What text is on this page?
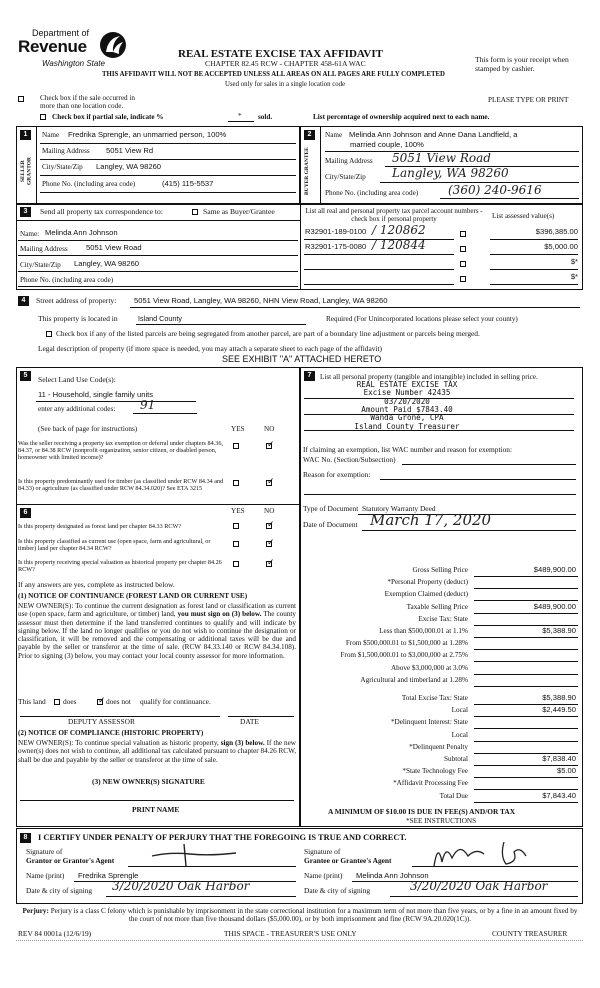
Department of
Revenue
Washington State
REAL ESTATE EXCISE TAX AFFIDAVIT
CHAPTER 82.45 RCW - CHAPTER 458-61A WAC
THIS AFFIDAVIT WILL NOT BE ACCEPTED UNLESS ALL AREAS ON ALL PAGES ARE FULLY COMPLETED
Used only for sales in a single location code
This form is your receipt when stamped by cashier.
Check box if the sale occurred in more than one location code.
PLEASE TYPE OR PRINT
Check box if partial sale, indicate %	* sold.	List percentage of ownership acquired next to each name.
1
SELLER GRANTOR
Name Fredrika Sprengle, an unmarried person, 100%
Mailing Address 5051 View Rd
City/State/Zip Langley, WA 98260
Phone No. (including area code)	(415) 115-5537
2
BUYER GRANTEE
Name Melinda Ann Johnson and Anne Dana Landfield, a
married couple, 100%
Mailing Address 5051 View Road
City/State/Zip Langley, WA 98260
Phone No. (including area code) (360) 240-9616
3	Send all property tax correspondence to:	Same as Buyer/Grantee
Name: Melinda Ann Johnson
Mailing Address 5051 View Road
City/State/Zip Langley, WA 98260
Phone No. (including area code)
List all real and personal property tax parcel account numbers - check box if personal property	List assessed value(s)
R32901-189-0100 / 120862	$396,385.00
R32901-175-0080 / 120844	$5,000.00
$*
$*
4	Street address of property: 5051 View Road, Langley, WA 98260, NHN View Road, Langley, WA 98260
This property is located in	Island County	Required (For Unincorporated locations please select your county)
Check box if any of the listed parcels are being segregated from another parcel, are part of a boundary line adjustment or parcels being merged.
Legal description of property (if more space is needed, you may attach a separate sheet to each page of the affidavit)
SEE EXHIBIT "A" ATTACHED HERETO
5	Select Land Use Code(s):
11 - Household, single family units
enter any additional codes: 91
(See back of page for instructions)	YES	NO
Was the seller receiving a property tax exemption or deferral under chapters 84.36, 84.37, or 84.38 RCW (nonprofit organization, senior citizen, or disabled person, homeowner with limited income)?
✓
Is this property predominantly used for timber (as classified under RCW 84.34 and 84.33) or agriculture (as classified under RCW 84.34.020)? See ETA 3215
✓
6	YES	NO
Is this property designated as forest land per chapter 84.33 RCW?
✓
Is this property classified as current use (open space, farm and agricultural, or timber) land per chapter 84.34 RCW?
✓
Is this property receiving special valuation as historical property per chapter 84.26 RCW?
✓
If any answers are yes, complete as instructed below.
(1) NOTICE OF CONTINUANCE (FOREST LAND OR CURRENT USE)
NEW OWNER(S): To continue the current designation as forest land or classification as current use (open space, farm and agriculture, or timber) land, you must sign on (3) below. The county assessor must then determine if the land transferred continues to qualify and will indicate by signing below. If the land no longer qualifies or you do not wish to continue the designation or classification, it will be removed and the compensating or additional taxes will be due and payable by the seller or transferor at the time of sale. (RCW 84.33.140 or RCW 84.34.108). Prior to signing (3) below, you may contact your local county assessor for more information.
This land does
✓	does not qualify for continuance.
DEPUTY ASSESSOR	DATE
(2) NOTICE OF COMPLIANCE (HISTORIC PROPERTY)
NEW OWNER(S): To continue special valuation as historic property, sign (3) below. If the new owner(s) does not wish to continue, all additional tax calculated pursuant to chapter 84.26 RCW, shall be due and payable by the seller or transferor at the time of sale.
(3) NEW OWNER(S) SIGNATURE
PRINT NAME
7	List all personal property (tangible and intangible) included in selling price.
REAL ESTATE EXCISE TAX
Excise Number 42435
03/20/2020
Amount Paid $7843.40
Wanda Grone, CPA
Island County Treasurer
If claiming an exemption, list WAC number and reason for exemption:
WAC No. (Section/Subsection)
Reason for exemption:
Type of Document Statutory Warranty Deed
Date of Document March 17, 2020
Gross Selling Price	$489,900.00
*Personal Property (deduct)
Exemption Claimed (deduct)
Taxable Selling Price	$489,900.00
Excise Tax: State
Less than $500,000.01 at 1.1%	$5,388.90
From $500,000.01 to $1,500,000 at 1.28%
From $1,500,000.01 to $3,000,000 at 2.75%
Above $3,000,000 at 3.0%
Agricultural and timberland at 1.28%
Total Excise Tax: State	$5,388.90
Local	$2,449.50
*Delinquent Interest: State
Local
*Delinquent Penalty
Subtotal	$7,838.40
*State Technology Fee	$5.00
*Affidavit Processing Fee
Total Due	$7,843.40
A MINIMUM OF $10.00 IS DUE IN FEE(S) AND/OR TAX
*SEE INSTRUCTIONS
8	I CERTIFY UNDER PENALTY OF PERJURY THAT THE FOREGOING IS TRUE AND CORRECT.
Signature of
Grantor or Grantor's Agent
Name (print) Fredrika Sprengle
Date & city of signing 3/20/2020 Oak Harbor
Signature of
Grantee or Grantee's Agent
Name (print) Melinda Ann Johnson
Date & city of signing	3/20/2020 Oak Harbor
Perjury: Perjury is a class C felony which is punishable by imprisonment in the state correctional institution for a maximum term of not more than five years, or by a fine in an amount fixed by the court of not more than five thousand dollars ($5,000.00), or by both imprisonment and fine (RCW 9A.20.020(1C)).
REV 84 0001a (12/6/19)	THIS SPACE - TREASURER'S USE ONLY	COUNTY TREASURER
